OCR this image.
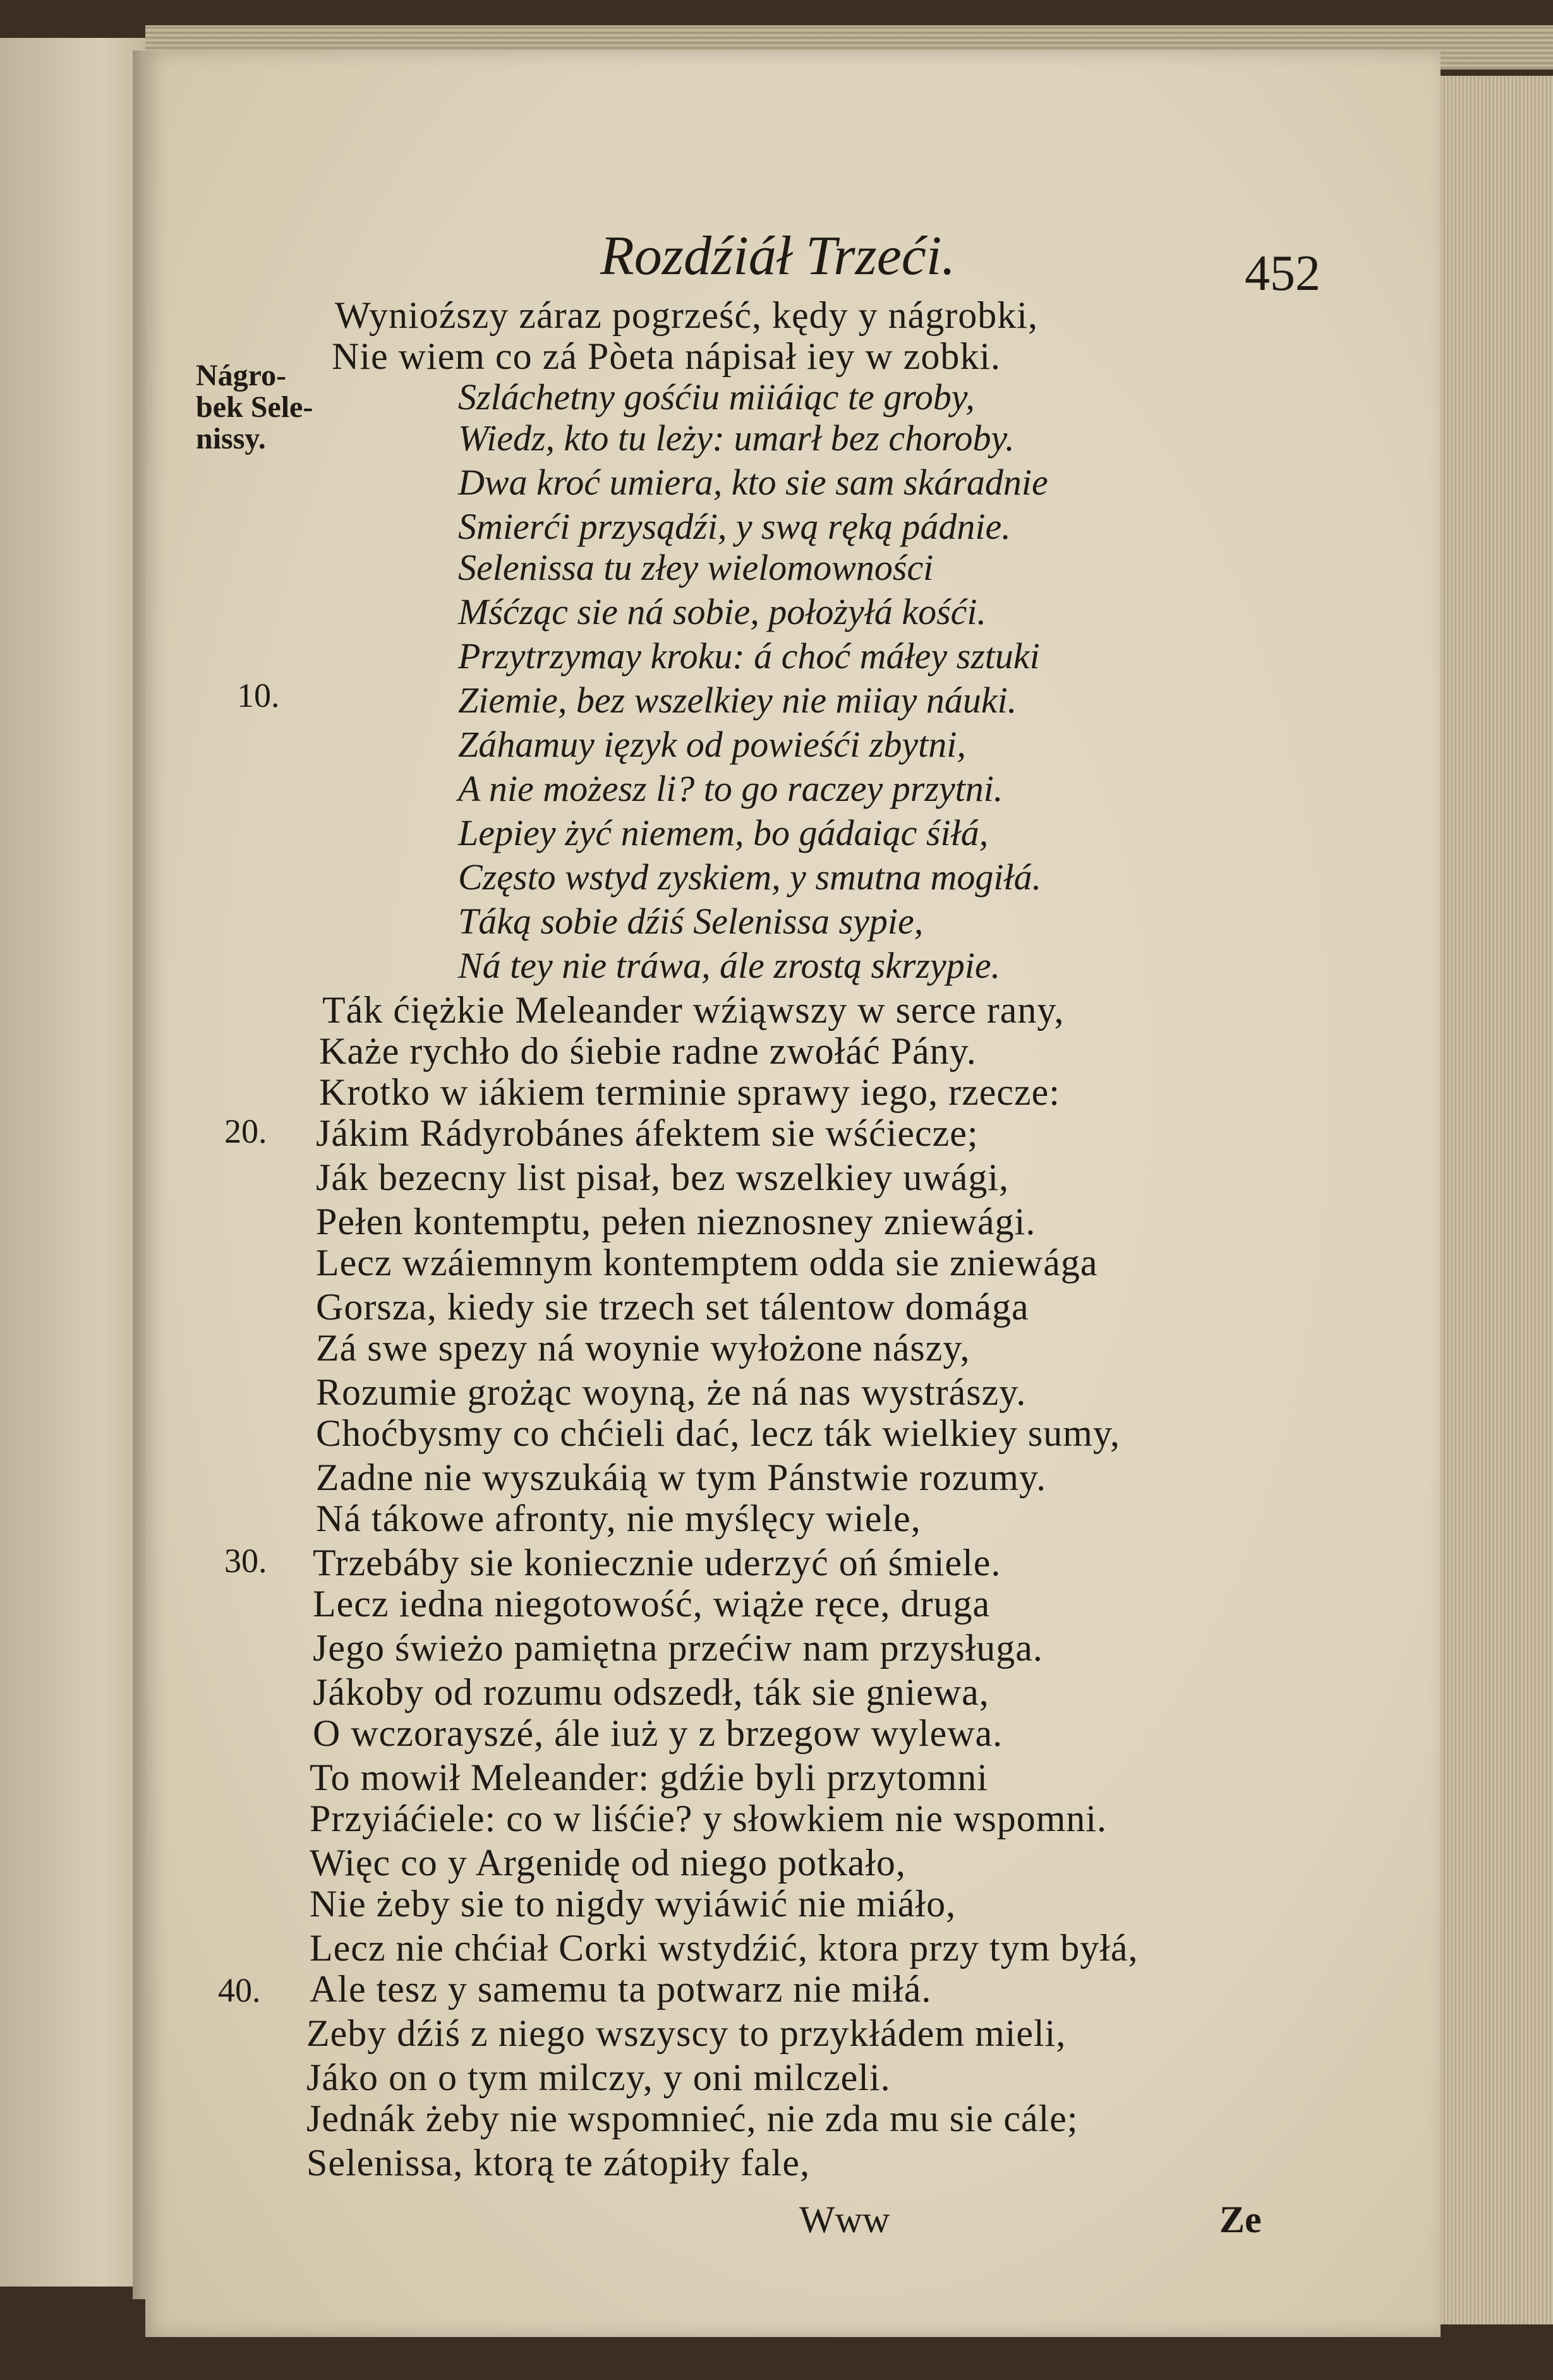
Rozdźiáł Trzeći.	452
Nágro-
bek Sele-
nissy.
10.
20.
30.
40.
Wynioźszy záraz pogrześć, kędy y nágrobki,
Nie wiem co zá Pòeta nápisał iey w zobki.
Szláchetny gośćiu miiáiąc te groby,
Wiedz, kto tu leży: umarł bez choroby.
Dwa kroć umiera, kto sie sam skáradnie
Smierći przysądźi, y swą ręką pádnie.
Selenissa tu złey wielomowności
Mśćząc sie ná sobie, położyłá kośći.
Przytrzymay kroku: á choć máłey sztuki
Ziemie, bez wszelkiey nie miiay náuki.
Záhamuy ięzyk od powieśći zbytni,
A nie możesz li? to go raczey przytni.
Lepiey żyć niemem, bo gádaiąc śiłá,
Często wstyd zyskiem, y smutna mogiłá.
Táką sobie dźiś Selenissa sypie,
Ná tey nie tráwa, ále zrostą skrzypie.
Ták ćiężkie Meleander wźiąwszy w serce rany,
Każe rychło do śiebie radne zwołáć Pány.
Krotko w iákiem terminie sprawy iego, rzecze:
Jákim Rádyrobánes áfektem sie wśćiecze;
Ják bezecny list pisał, bez wszelkiey uwági,
Pełen kontemptu, pełen nieznosney zniewági.
Lecz wzáiemnym kontemptem odda sie zniewága
Gorsza, kiedy sie trzech set tálentow domága
Zá swe spezy ná woynie wyłożone nászy,
Rozumie grożąc woyną, że ná nas wystrászy.
Choćbysmy co chćieli dać, lecz ták wielkiey sumy,
Zadne nie wyszukáią w tym Pánstwie rozumy.
Ná tákowe afronty, nie myślęcy wiele,
Trzebáby sie koniecznie uderzyć oń śmiele.
Lecz iedna niegotowość, wiąże ręce, druga
Jego świeżo pamiętna przećiw nam przysługa.
Jákoby od rozumu odszedł, ták sie gniewa,
O wczorayszé, ále iuż y z brzegow wylewa.
To mowił Meleander: gdźie byli przytomni
Przyiáćiele: co w liśćie? y słowkiem nie wspomni.
Więc co y Argenidę od niego potkało,
Nie żeby sie to nigdy wyiáwić nie miáło,
Lecz nie chćiał Corki wstydźić, ktora przy tym byłá,
Ale tesz y samemu ta potwarz nie miłá.
Zeby dźiś z niego wszyscy to przykłádem mieli,
Jáko on o tym milczy, y oni milczeli.
Jednák żeby nie wspomnieć, nie zda mu sie cále;
Selenissa, ktorą te zátopiły fale,
Www	Ze
